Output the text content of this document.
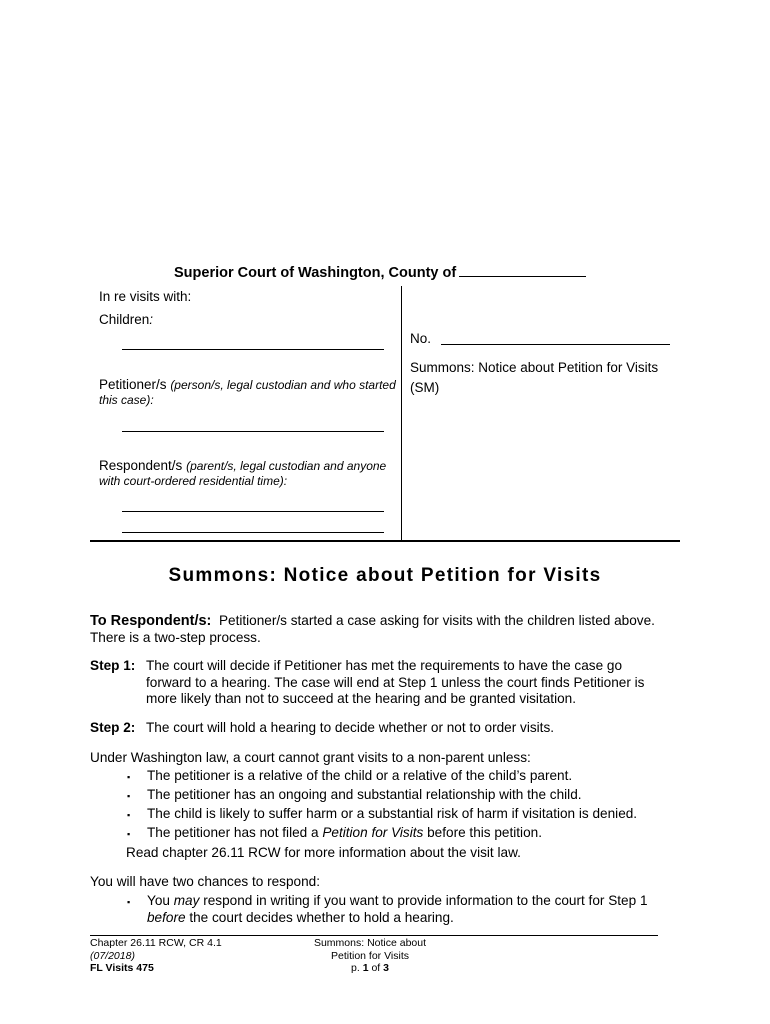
Superior Court of Washington, County of
In re visits with:
Children:
Petitioner/s (person/s, legal custodian and who started
this case):
Respondent/s (parent/s, legal custodian and anyone
with court-ordered residential time):
No.
Summons: Notice about Petition for Visits
(SM)
Summons: Notice about Petition for Visits
To Respondent/s: Petitioner/s started a case asking for visits with the children listed above.
There is a two-step process.
Step 1: The court will decide if Petitioner has met the requirements to have the case go
forward to a hearing. The case will end at Step 1 unless the court finds Petitioner is
more likely than not to succeed at the hearing and be granted visitation.
Step 2: The court will hold a hearing to decide whether or not to order visits.
Under Washington law, a court cannot grant visits to a non-parent unless:
▪ The petitioner is a relative of the child or a relative of the child’s parent.
▪ The petitioner has an ongoing and substantial relationship with the child.
▪ The child is likely to suffer harm or a substantial risk of harm if visitation is denied.
▪ The petitioner has not filed a Petition for Visits before this petition.
Read chapter 26.11 RCW for more information about the visit law.
You will have two chances to respond:
▪ You may respond in writing if you want to provide information to the court for Step 1
before the court decides whether to hold a hearing.
Chapter 26.11 RCW, CR 4.1
(07/2018)
FL Visits 475
Summons: Notice about
Petition for Visits
p. 1 of 3
